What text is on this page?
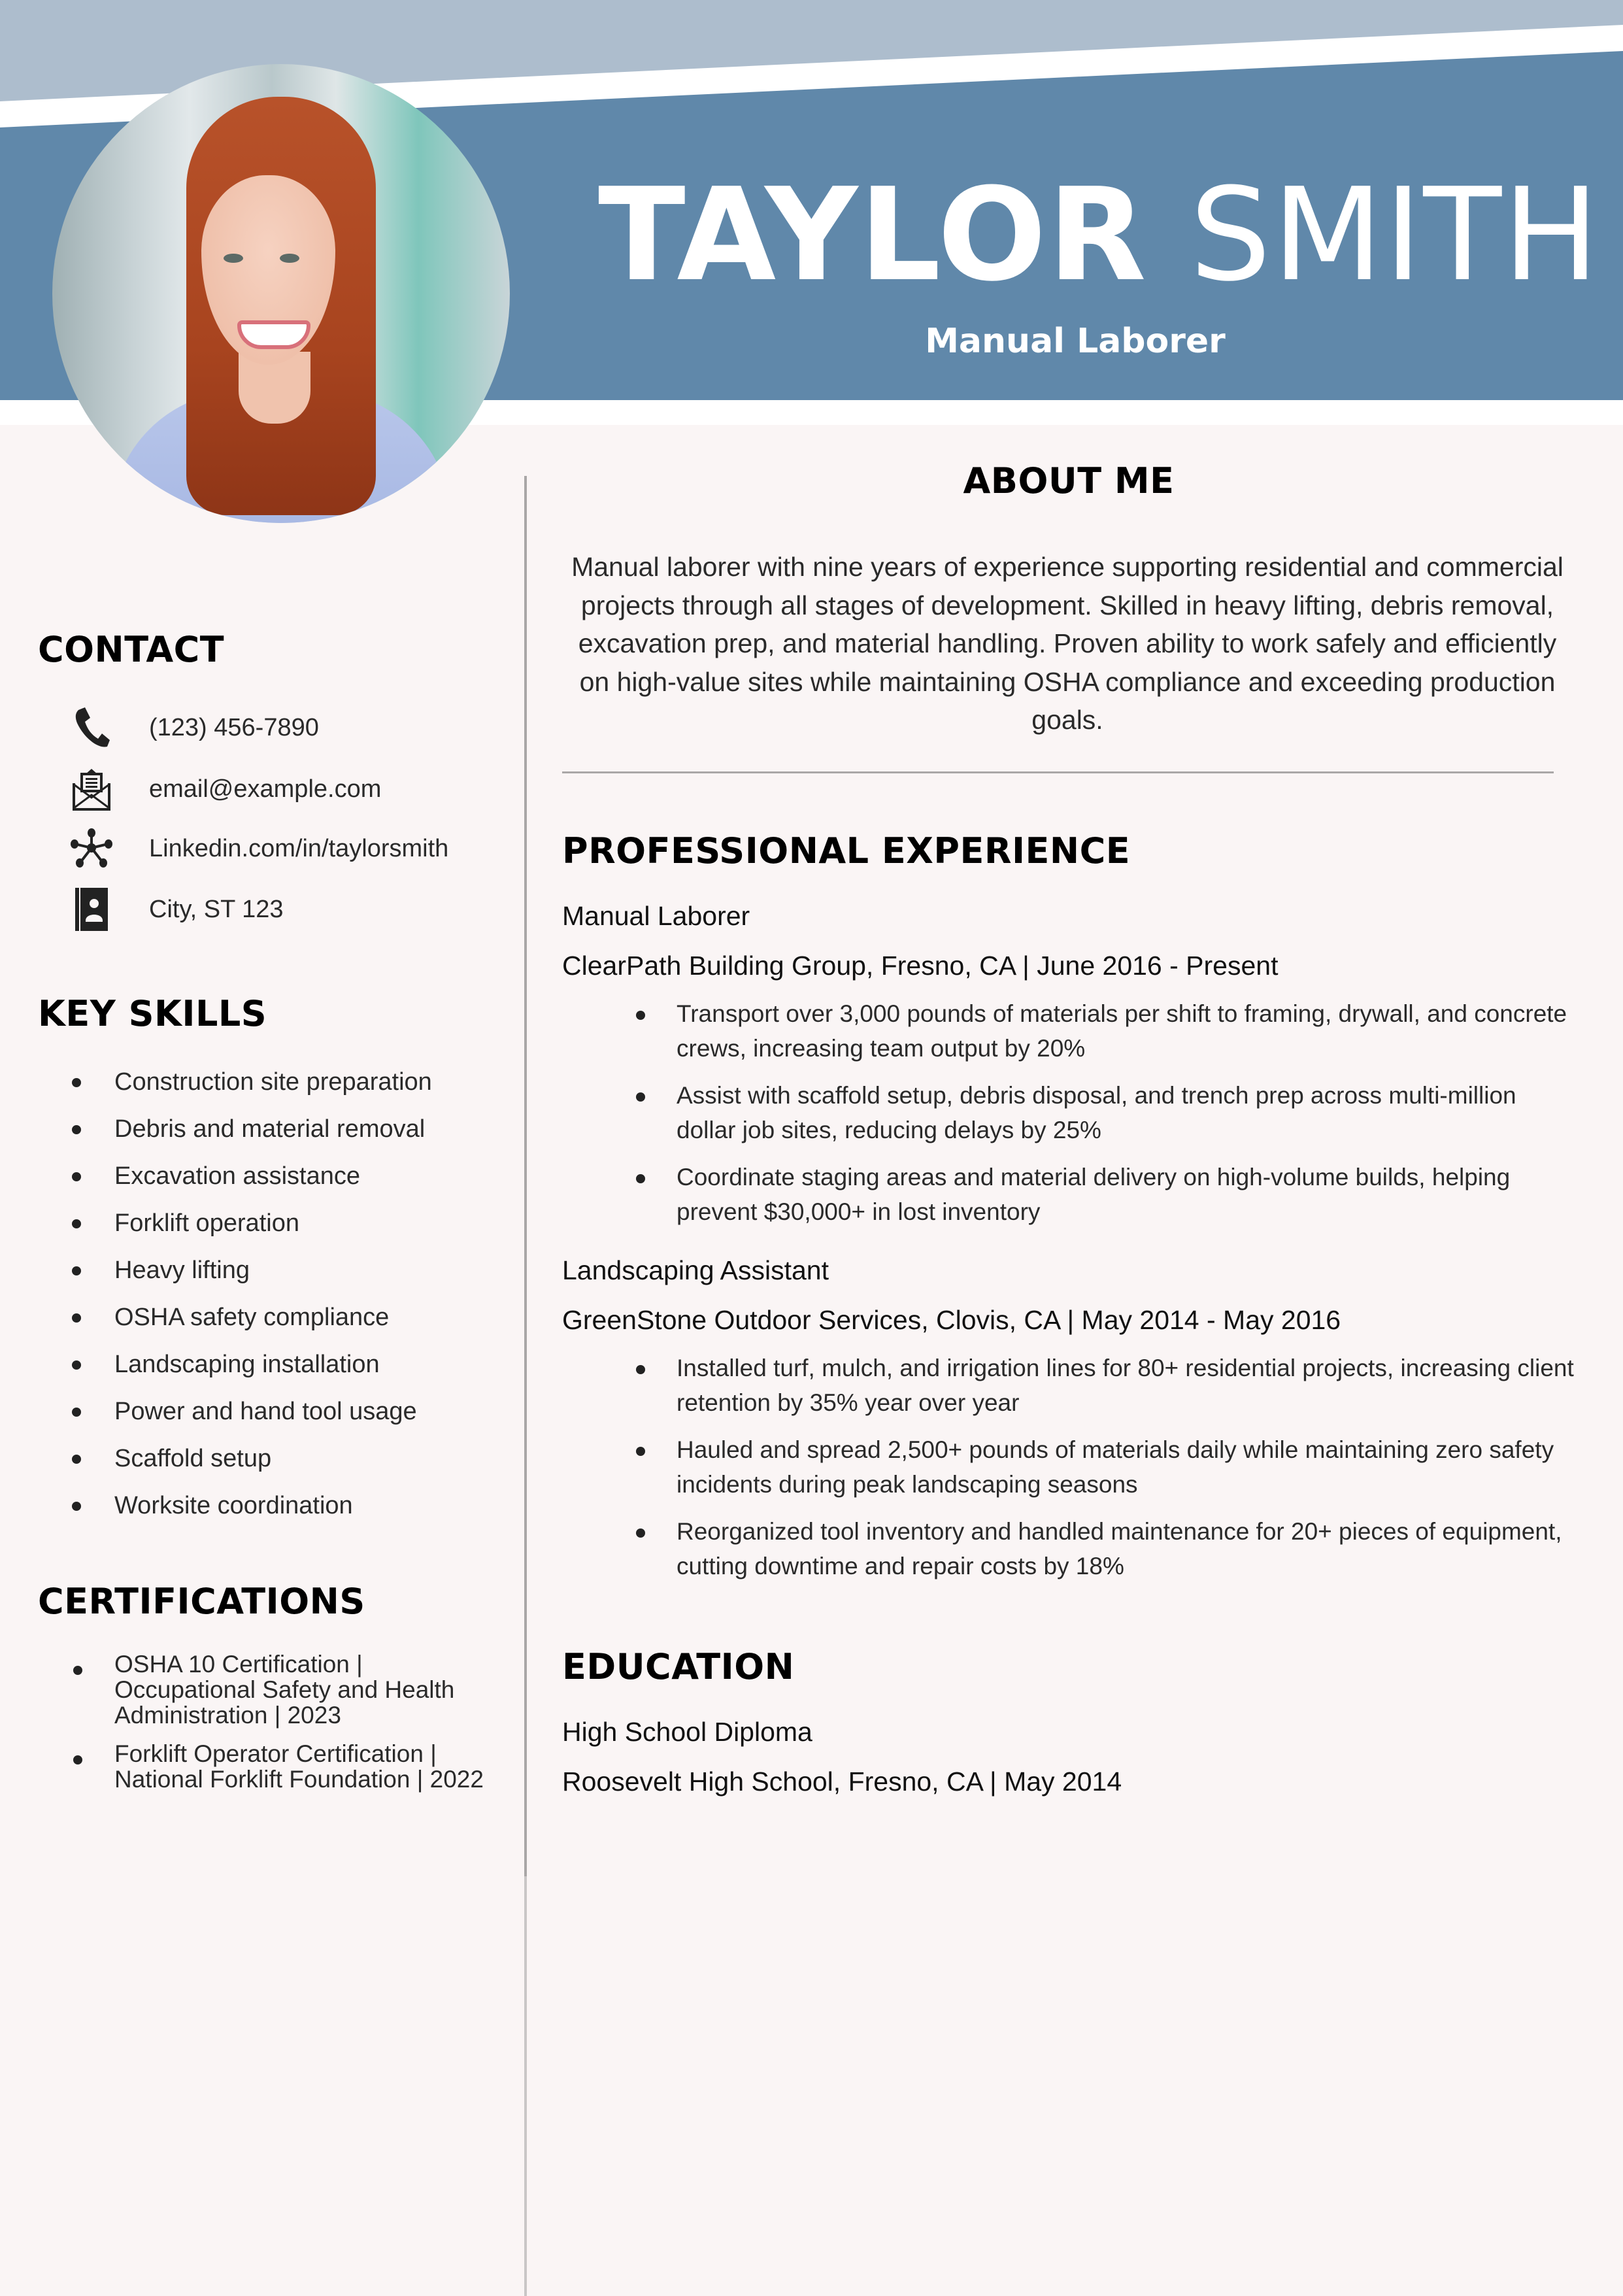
TAYLOR SMITH
Manual Laborer
CONTACT
(123) 456-7890
email@example.com
Linkedin.com/in/taylorsmith
City, ST 123
KEY SKILLS
Construction site preparation
Debris and material removal
Excavation assistance
Forklift operation
Heavy lifting
OSHA safety compliance
Landscaping installation
Power and hand tool usage
Scaffold setup
Worksite coordination
CERTIFICATIONS
OSHA 10 Certification | Occupational Safety and Health Administration | 2023
Forklift Operator Certification | National Forklift Foundation | 2022
ABOUT ME
Manual laborer with nine years of experience supporting residential and commercial projects through all stages of development. Skilled in heavy lifting, debris removal, excavation prep, and material handling. Proven ability to work safely and efficiently on high-value sites while maintaining OSHA compliance and exceeding production goals.
PROFESSIONAL EXPERIENCE
Manual Laborer
ClearPath Building Group, Fresno, CA | June 2016 - Present
Transport over 3,000 pounds of materials per shift to framing, drywall, and concrete crews, increasing team output by 20%
Assist with scaffold setup, debris disposal, and trench prep across multi-million dollar job sites, reducing delays by 25%
Coordinate staging areas and material delivery on high-volume builds, helping prevent $30,000+ in lost inventory
Landscaping Assistant
GreenStone Outdoor Services, Clovis, CA | May 2014 - May 2016
Installed turf, mulch, and irrigation lines for 80+ residential projects, increasing client retention by 35% year over year
Hauled and spread 2,500+ pounds of materials daily while maintaining zero safety incidents during peak landscaping seasons
Reorganized tool inventory and handled maintenance for 20+ pieces of equipment, cutting downtime and repair costs by 18%
EDUCATION
High School Diploma
Roosevelt High School, Fresno, CA | May 2014
